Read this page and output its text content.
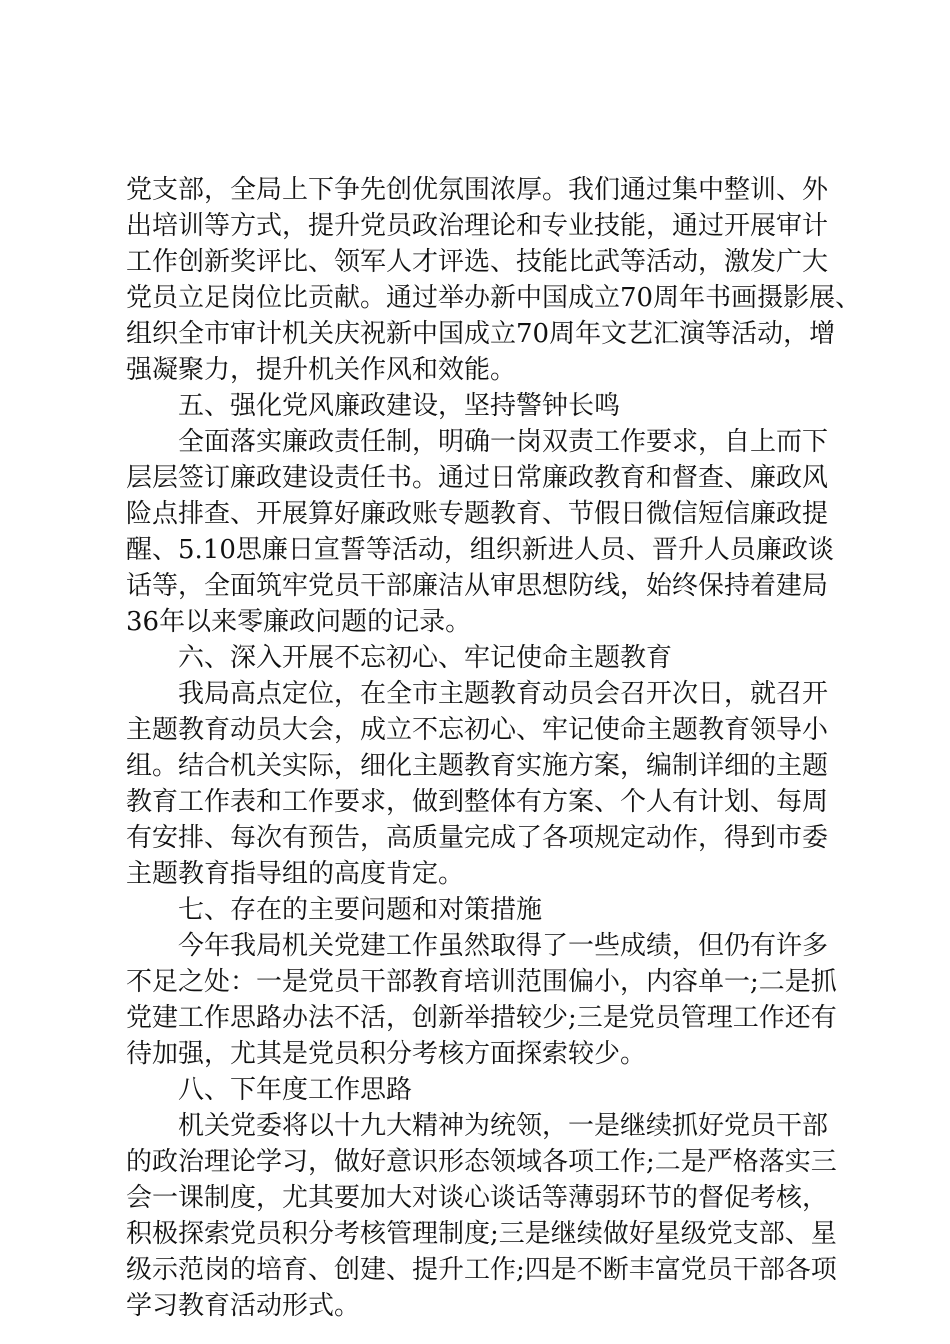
党支部，全局上下争先创优氛围浓厚。我们通过集中整训、外
出培训等方式，提升党员政治理论和专业技能，通过开展审计
工作创新奖评比、领军人才评选、技能比武等活动，激发广大
党员立足岗位比贡献。通过举办新中国成立70周年书画摄影展、
组织全市审计机关庆祝新中国成立70周年文艺汇演等活动，增
强凝聚力，提升机关作风和效能。
五、强化党风廉政建设，坚持警钟长鸣
全面落实廉政责任制，明确一岗双责工作要求，自上而下
层层签订廉政建设责任书。通过日常廉政教育和督查、廉政风
险点排查、开展算好廉政账专题教育、节假日微信短信廉政提
醒、5.10思廉日宣誓等活动，组织新进人员、晋升人员廉政谈
话等，全面筑牢党员干部廉洁从审思想防线，始终保持着建局
36年以来零廉政问题的记录。
六、深入开展不忘初心、牢记使命主题教育
我局高点定位，在全市主题教育动员会召开次日，就召开
主题教育动员大会，成立不忘初心、牢记使命主题教育领导小
组。结合机关实际，细化主题教育实施方案，编制详细的主题
教育工作表和工作要求，做到整体有方案、个人有计划、每周
有安排、每次有预告，高质量完成了各项规定动作，得到市委
主题教育指导组的高度肯定。
七、存在的主要问题和对策措施
今年我局机关党建工作虽然取得了一些成绩，但仍有许多
不足之处：一是党员干部教育培训范围偏小，内容单一;二是抓
党建工作思路办法不活，创新举措较少;三是党员管理工作还有
待加强，尤其是党员积分考核方面探索较少。
八、下年度工作思路
机关党委将以十九大精神为统领，一是继续抓好党员干部
的政治理论学习，做好意识形态领域各项工作;二是严格落实三
会一课制度，尤其要加大对谈心谈话等薄弱环节的督促考核，
积极探索党员积分考核管理制度;三是继续做好星级党支部、星
级示范岗的培育、创建、提升工作;四是不断丰富党员干部各项
学习教育活动形式。
